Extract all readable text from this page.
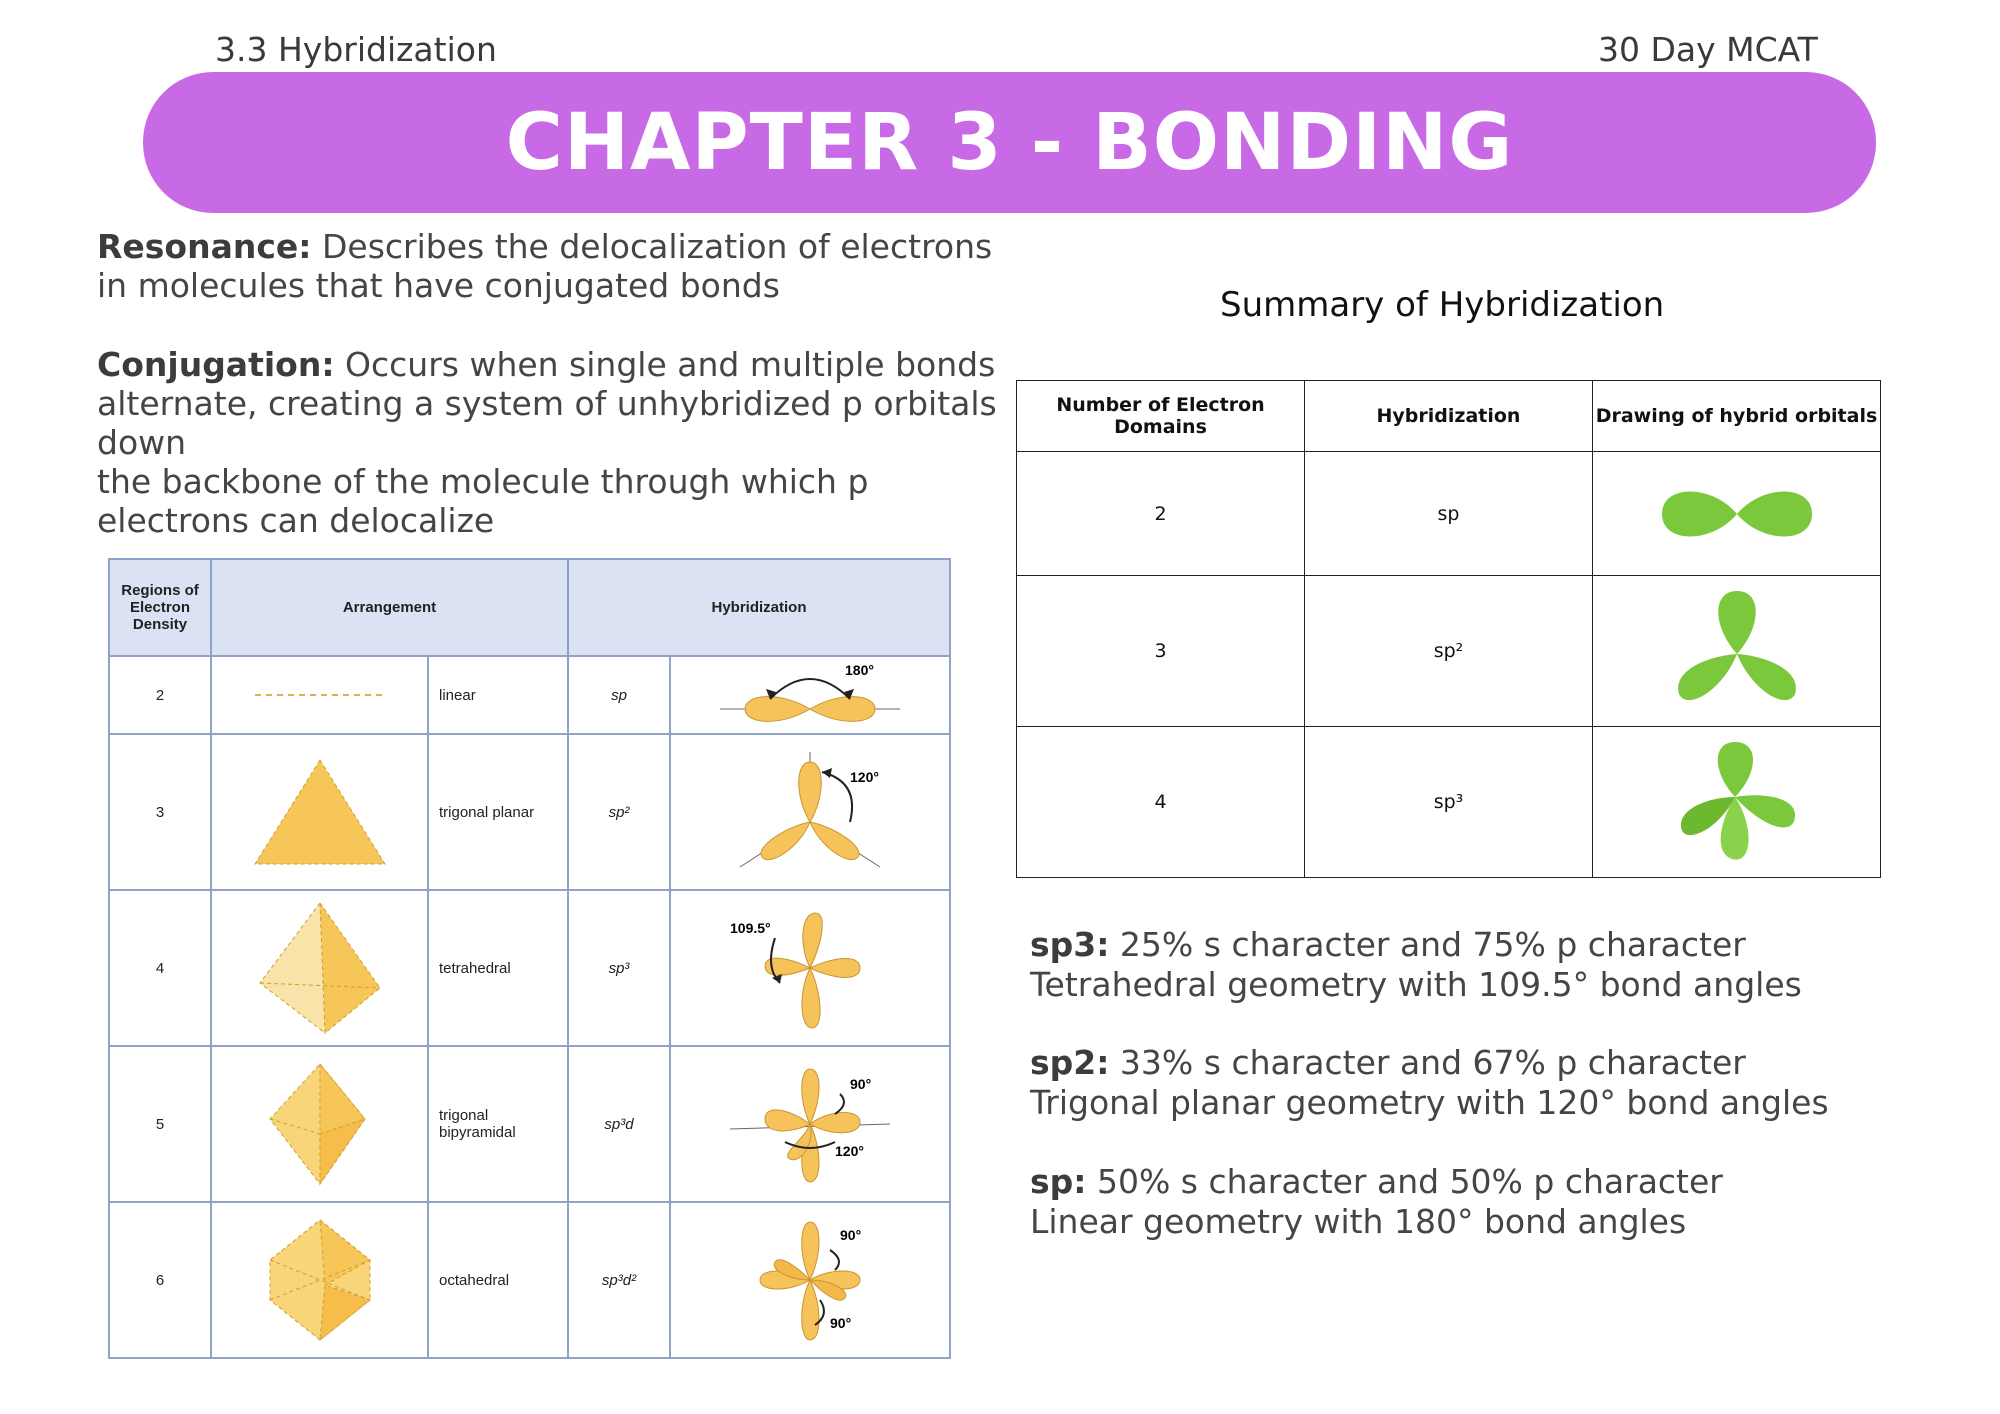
3.3 Hybridization	30 Day MCAT
CHAPTER 3 - BONDING
Resonance: Describes the delocalization of electrons in molecules that have conjugated bonds
Conjugation: Occurs when single and multiple bonds alternate, creating a system of unhybridized p orbitals down
the backbone of the molecule through which p electrons can delocalize
Regions of Electron Density	Arrangement		Hybridization	
2		linear	sp	180°

3		trigonal planar	sp²	120°

4		tetrahedral	sp³	109.5°

5		trigonal bipyramidal	sp³d	90°
120°

6		octahedral	sp³d²	90°
90°
Summary of Hybridization
Number of Electron Domains	Hybridization	Drawing of hybrid orbitals
2	sp	

3	sp²	

4	sp³	
sp3: 25% s character and 75% p character
Tetrahedral geometry with 109.5° bond angles
sp2: 33% s character and 67% p character
Trigonal planar geometry with 120° bond angles
sp: 50% s character and 50% p character
Linear geometry with 180° bond angles
